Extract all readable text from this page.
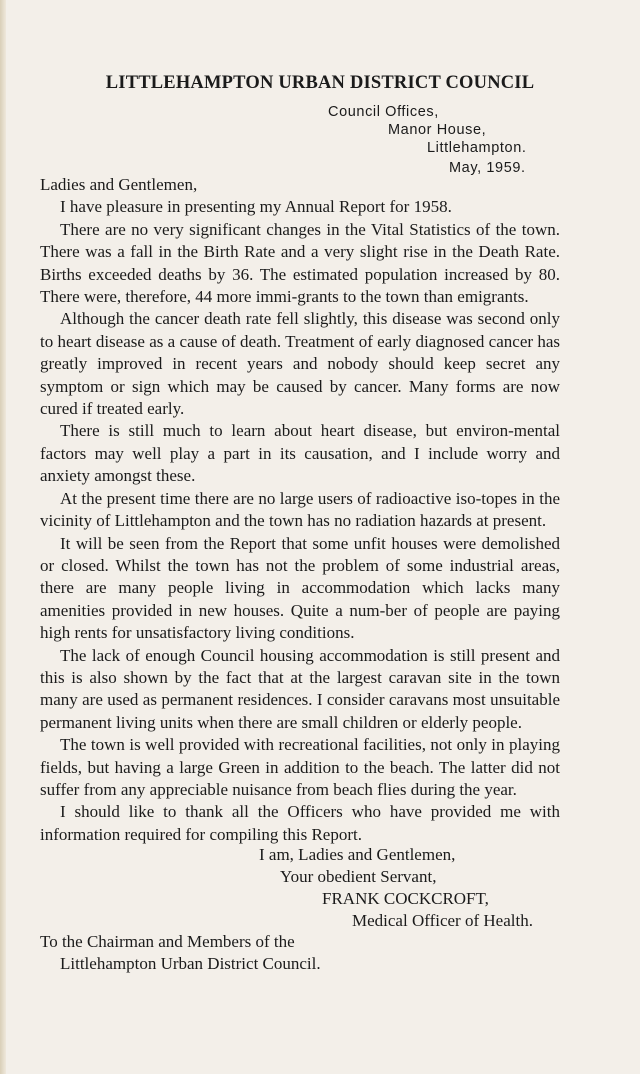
LITTLEHAMPTON URBAN DISTRICT COUNCIL
Council Offices,
Manor House,
Littlehampton.
May, 1959.

Ladies and Gentlemen,

I have pleasure in presenting my Annual Report for 1958.

There are no very significant changes in the Vital Statistics of the town. There was a fall in the Birth Rate and a very slight rise in the Death Rate. Births exceeded deaths by 36. The estimated population increased by 80. There were, therefore, 44 more immi-grants to the town than emigrants.

Although the cancer death rate fell slightly, this disease was second only to heart disease as a cause of death. Treatment of early diagnosed cancer has greatly improved in recent years and nobody should keep secret any symptom or sign which may be caused by cancer. Many forms are now cured if treated early.

There is still much to learn about heart disease, but environ-mental factors may well play a part in its causation, and I include worry and anxiety amongst these.

At the present time there are no large users of radioactive iso-topes in the vicinity of Littlehampton and the town has no radiation hazards at present.

It will be seen from the Report that some unfit houses were demolished or closed. Whilst the town has not the problem of some industrial areas, there are many people living in accommodation which lacks many amenities provided in new houses. Quite a num-ber of people are paying high rents for unsatisfactory living conditions.

The lack of enough Council housing accommodation is still present and this is also shown by the fact that at the largest caravan site in the town many are used as permanent residences. I consider caravans most unsuitable permanent living units when there are small children or elderly people.

The town is well provided with recreational facilities, not only in playing fields, but having a large Green in addition to the beach. The latter did not suffer from any appreciable nuisance from beach flies during the year.

I should like to thank all the Officers who have provided me with information required for compiling this Report.

I am, Ladies and Gentlemen,
Your obedient Servant,
FRANK COCKCROFT,
Medical Officer of Health.
To the Chairman and Members of the
Littlehampton Urban District Council.
